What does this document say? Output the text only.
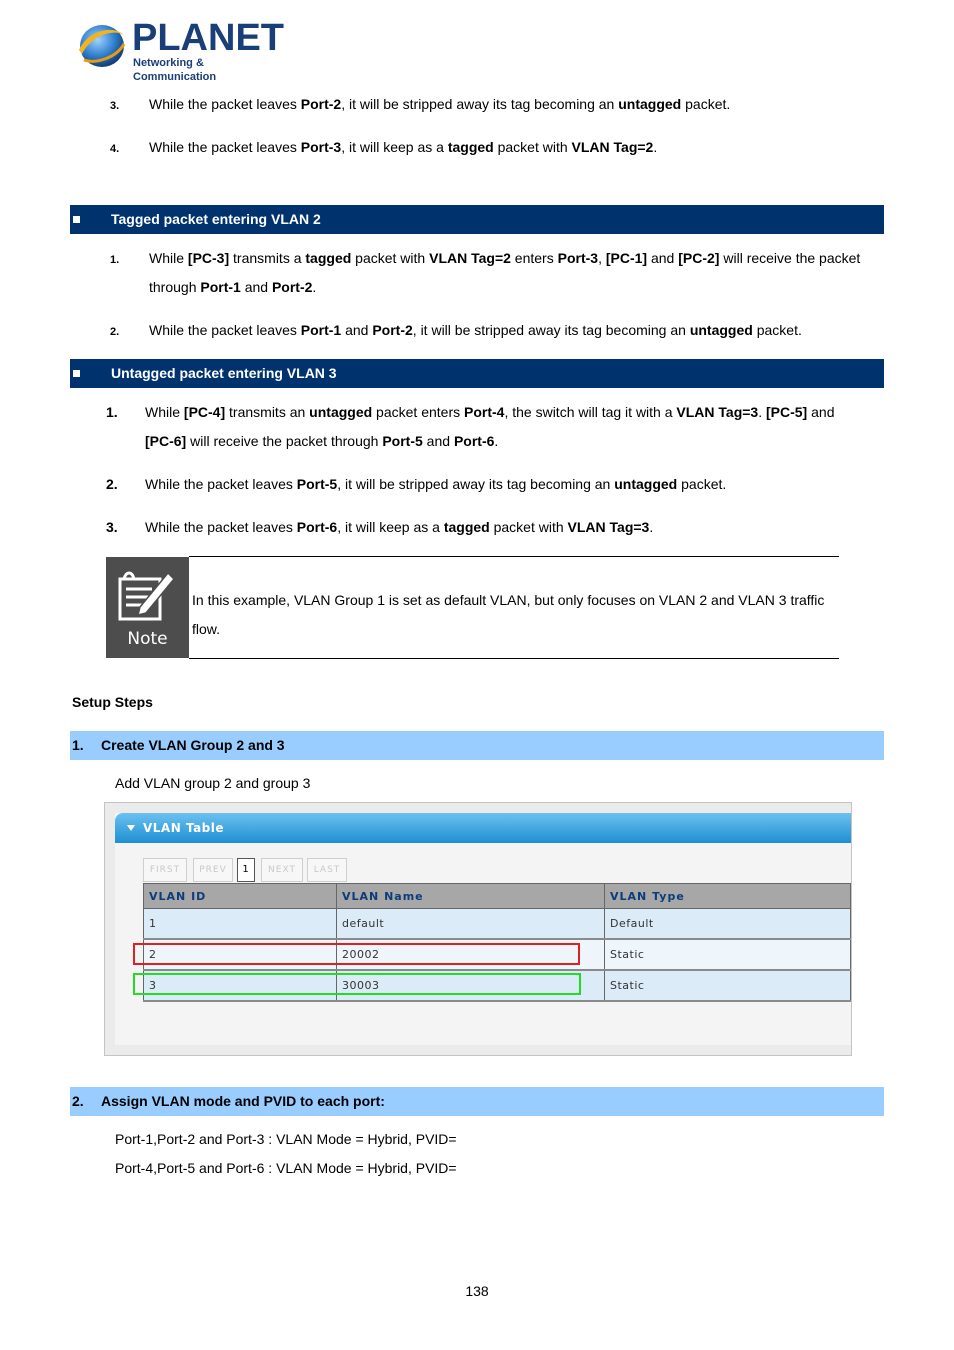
PLANET
Networking & Communication
3. While the packet leaves Port-2, it will be stripped away its tag becoming an untagged packet.
4. While the packet leaves Port-3, it will keep as a tagged packet with VLAN Tag=2.
Tagged packet entering VLAN 2
1. While [PC-3] transmits a tagged packet with VLAN Tag=2 enters Port-3, [PC-1] and [PC-2] will receive the packet
through Port-1 and Port-2.
2. While the packet leaves Port-1 and Port-2, it will be stripped away its tag becoming an untagged packet.
Untagged packet entering VLAN 3
1. While [PC-4] transmits an untagged packet enters Port-4, the switch will tag it with a VLAN Tag=3. [PC-5] and
[PC-6] will receive the packet through Port-5 and Port-6.
2. While the packet leaves Port-5, it will be stripped away its tag becoming an untagged packet.
3. While the packet leaves Port-6, it will keep as a tagged packet with VLAN Tag=3.
Note
In this example, VLAN Group 1 is set as default VLAN, but only focuses on VLAN 2 and VLAN 3 traffic
flow.
Setup Steps
1. Create VLAN Group 2 and 3
Add VLAN group 2 and group 3
VLAN Table
FIRST	PREV	1	NEXT	LAST
VLAN ID	VLAN Name	VLAN Type
1	default	Default
2	20002	Static
3	30003	Static
2. Assign VLAN mode and PVID to each port:
Port-1,Port-2 and Port-3 : VLAN Mode = Hybrid, PVID=
Port-4,Port-5 and Port-6 : VLAN Mode = Hybrid, PVID=
138
